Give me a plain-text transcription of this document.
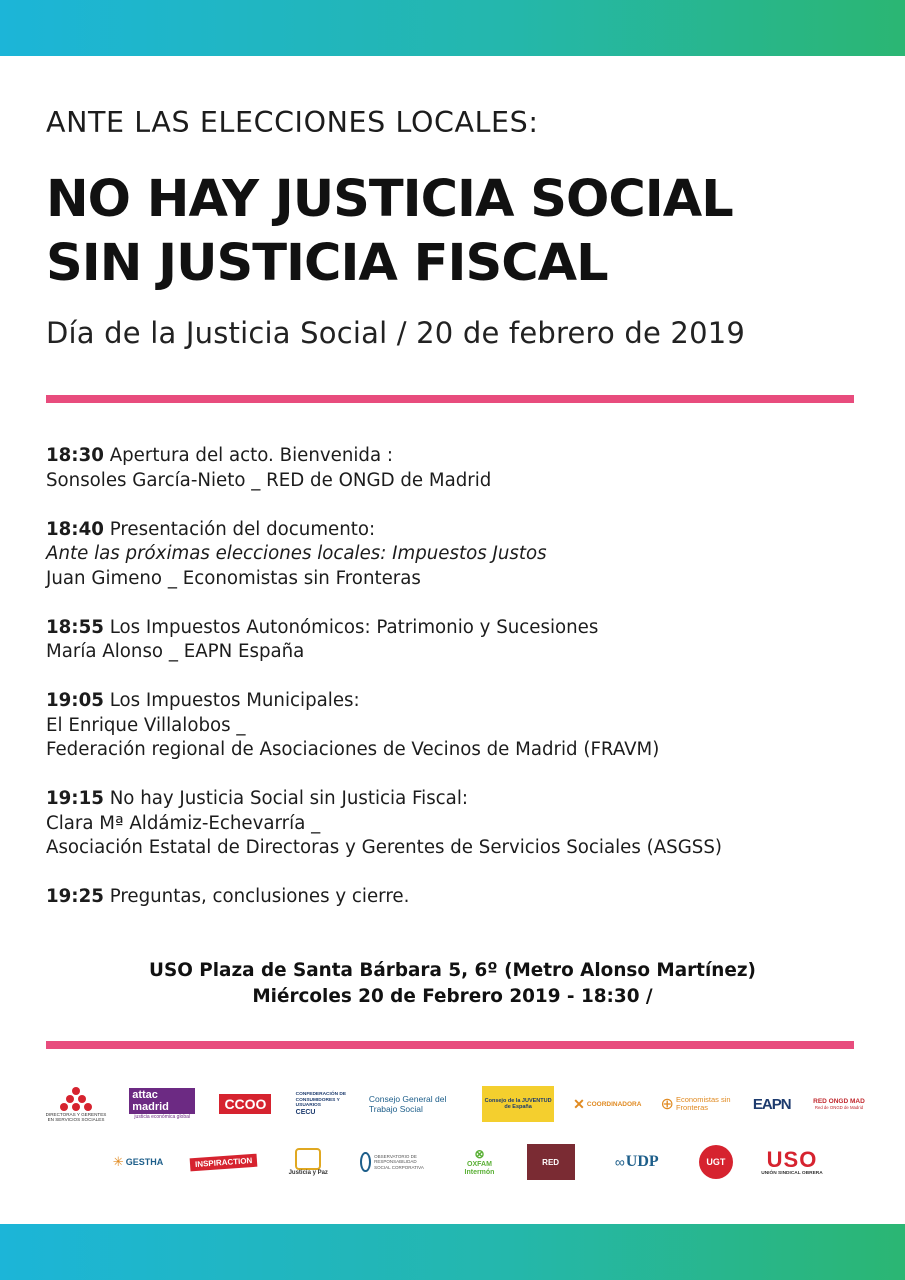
ANTE LAS ELECCIONES LOCALES:
NO HAY JUSTICIA SOCIAL
SIN JUSTICIA FISCAL
Día de la Justicia Social / 20 de febrero de 2019
18:30 Apertura del acto. Bienvenida :
Sonsoles García-Nieto _ RED de ONGD de Madrid
18:40 Presentación del documento:
Ante las próximas elecciones locales: Impuestos Justos
Juan Gimeno _ Economistas sin Fronteras
18:55 Los Impuestos Autonómicos: Patrimonio y Sucesiones
María Alonso _ EAPN España
19:05 Los Impuestos Municipales:
El Enrique Villalobos _
Federación regional de Asociaciones de Vecinos de Madrid (FRAVM)
19:15 No hay Justicia Social sin Justicia Fiscal:
Clara Mª Aldámiz-Echevarría _
Asociación Estatal de Directoras y Gerentes de Servicios Sociales (ASGSS)
19:25 Preguntas, conclusiones y cierre.
USO Plaza de Santa Bárbara 5, 6º (Metro Alonso Martínez)
Miércoles 20 de Febrero 2019 - 18:30 /
DIRECTORAS Y GERENTES EN SERVICIOS SOCIALES
attac madrid
justicia económica global
CCOO
CONFEDERACIÓN DE CONSUMIDORES Y USUARIOS
CECU
Consejo General del Trabajo Social
Consejo de la JUVENTUD de España	✕ COORDINADORA ⊕ Economistas sin Fronteras	EAPN	RED ONGD MAD
Red de ONGD de Madrid
✳ GESTHA	INSPIRACTION
Justicia y Paz
OBSERVATORIO DE RESPONSABILIDAD SOCIAL CORPORATIVA
⊗
OXFAM Intermón
RED	∞ UDP	UGT USO
UNIÓN SINDICAL OBRERA
